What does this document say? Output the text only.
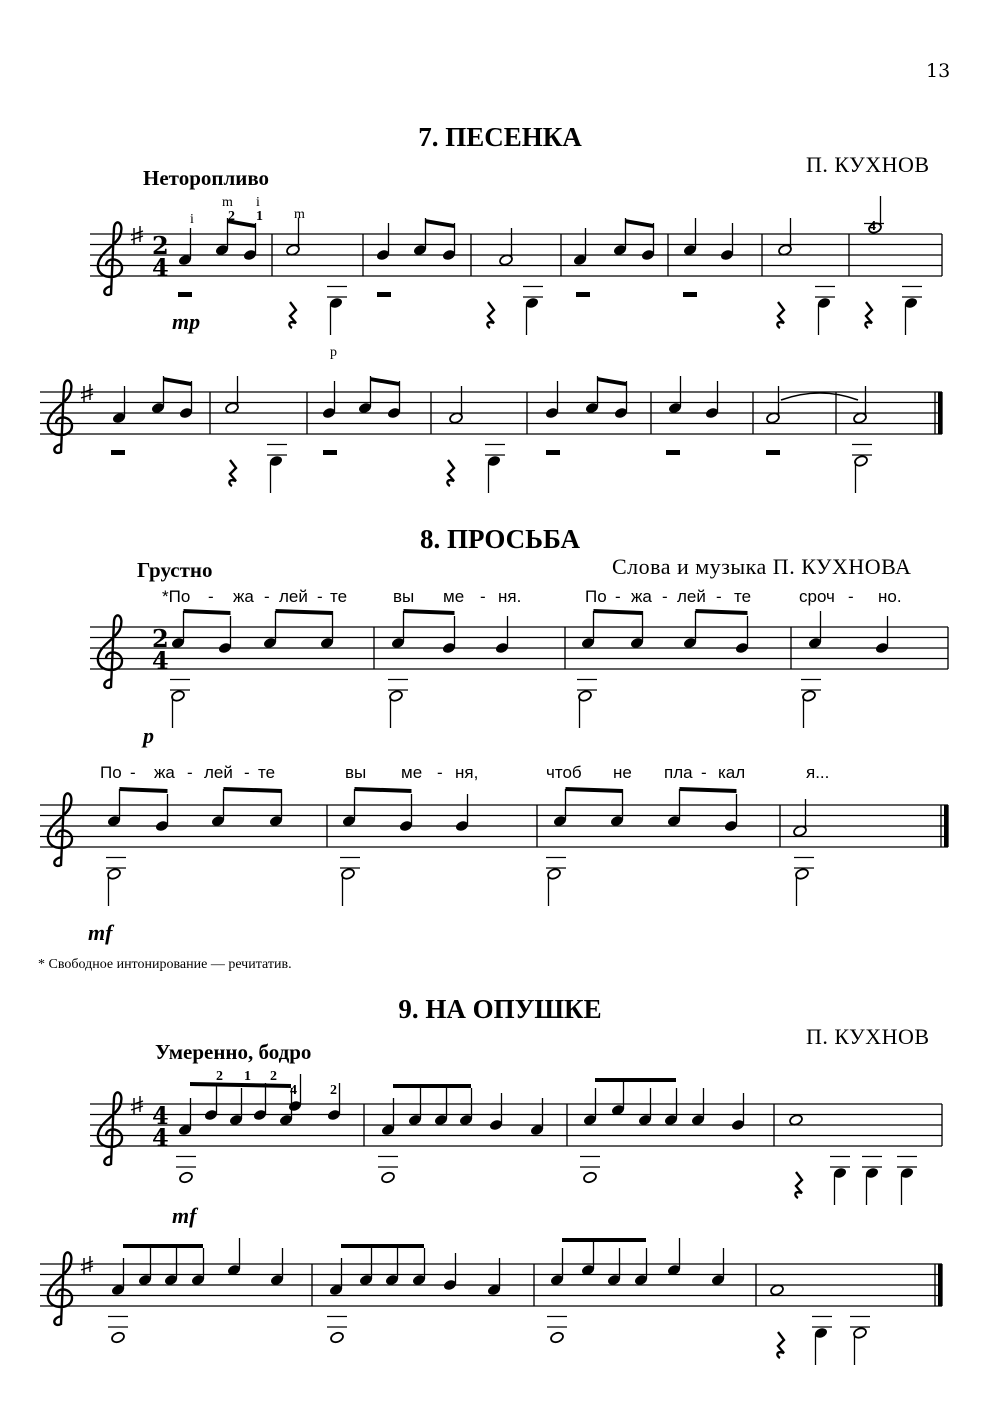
13
7. ПЕСЕНКА
П. КУХНОВ
Неторопливо
8. ПРОСЬБА
Слова и музыка П. КУХНОВА
Грустно
*По - жа - лей - те	вы ме - ня.	По - жа - лей - те	сроч - но.
По - жа - лей - те	вы ме - ня,	чтоб не пла - кал	я...
* Свободное интонирование — речитатив.
9. НА ОПУШКЕ
П. КУХНОВ
Умеренно, бодро
2
4
mp
i
m
2
i
1 m
4
p
2
4
p
mf
4
4
mf
2 1 2
4 2
